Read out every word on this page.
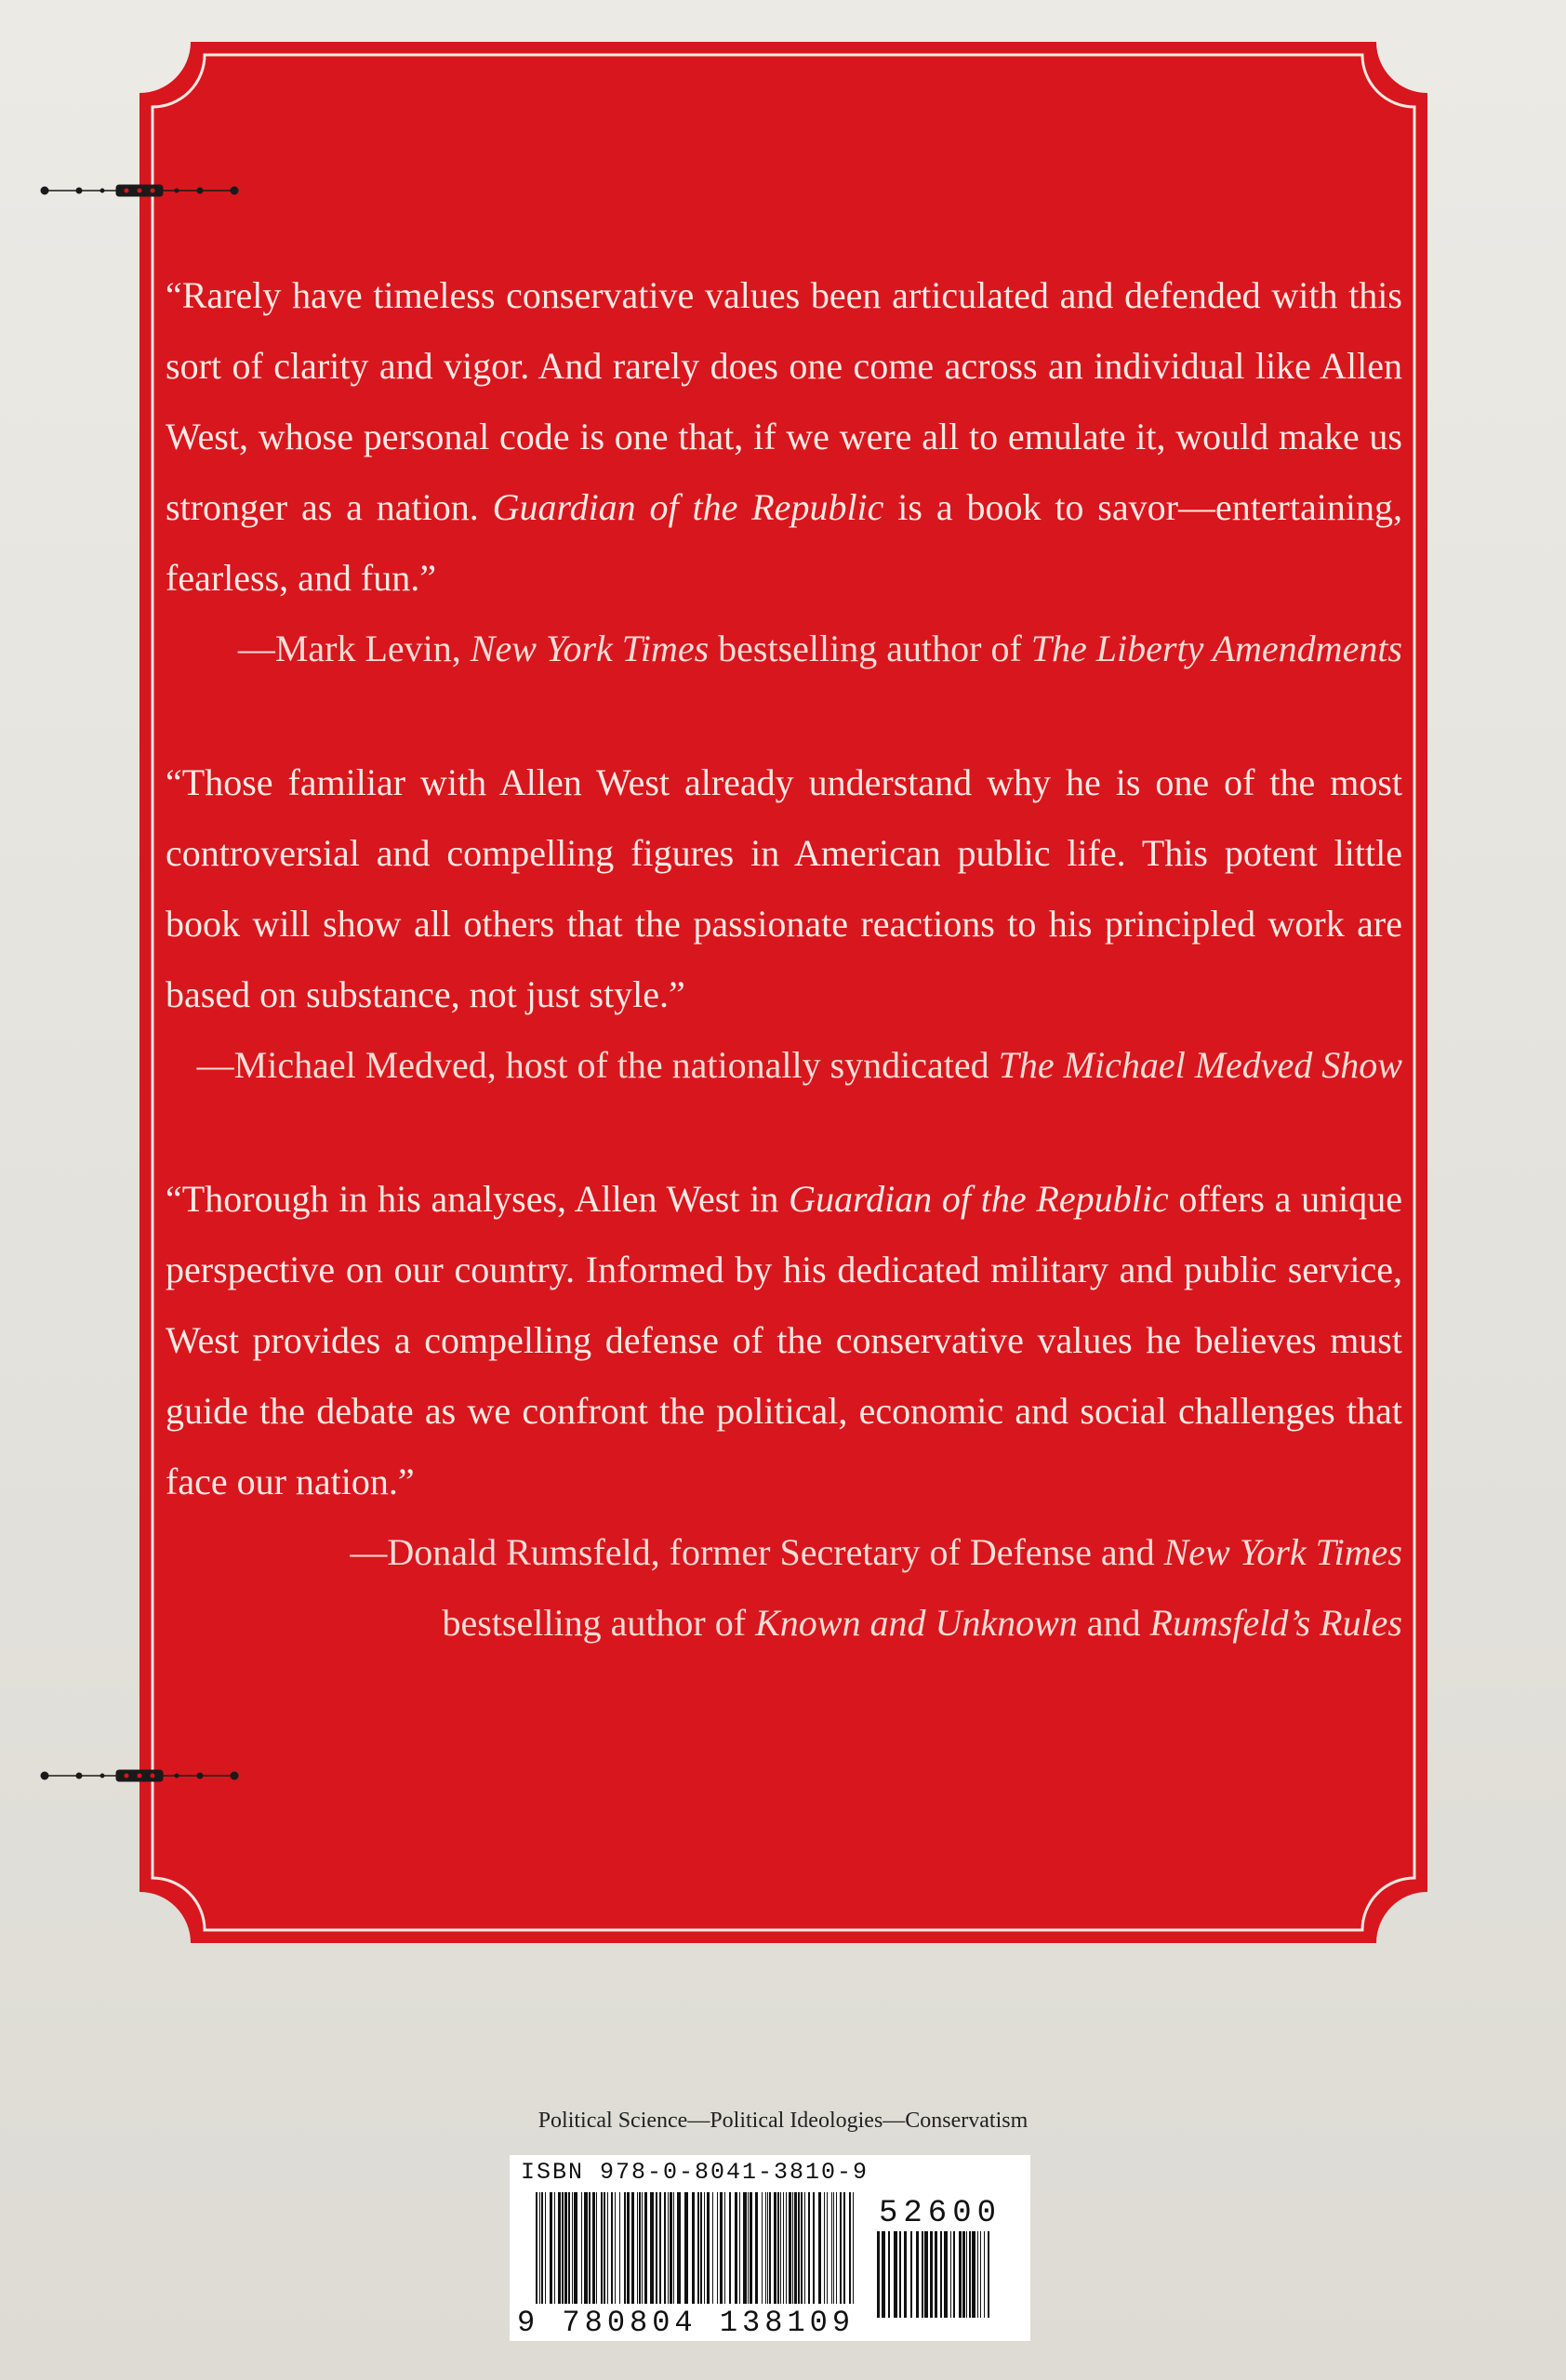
“Rarely have timeless conservative values been articulated and defended with this sort of clarity and vigor. And rarely does one come across an individual like Allen West, whose personal code is one that, if we were all to emulate it, would make us stronger as a nation. Guardian of the Republic is a book to savor—entertaining, fearless, and fun.”

—Mark Levin, New York Times bestselling author of The Liberty Amendments

“Those familiar with Allen West already understand why he is one of the most controversial and compelling figures in American public life. This potent little book will show all others that the passionate reactions to his principled work are based on substance, not just style.”

—Michael Medved, host of the nationally syndicated The Michael Medved Show

“Thorough in his analyses, Allen West in Guardian of the Republic offers a unique perspective on our country. Informed by his dedicated military and public service, West provides a compelling defense of the conservative values he believes must guide the debate as we confront the political, economic and social challenges that face our nation.”

—Donald Rumsfeld, former Secretary of Defense and New York Times

bestselling author of Known and Unknown and Rumsfeld’s Rules

Political Science—Political Ideologies—Conservatism
ISBN 978-0-8041-3810-9
52600
9 780804 138109
